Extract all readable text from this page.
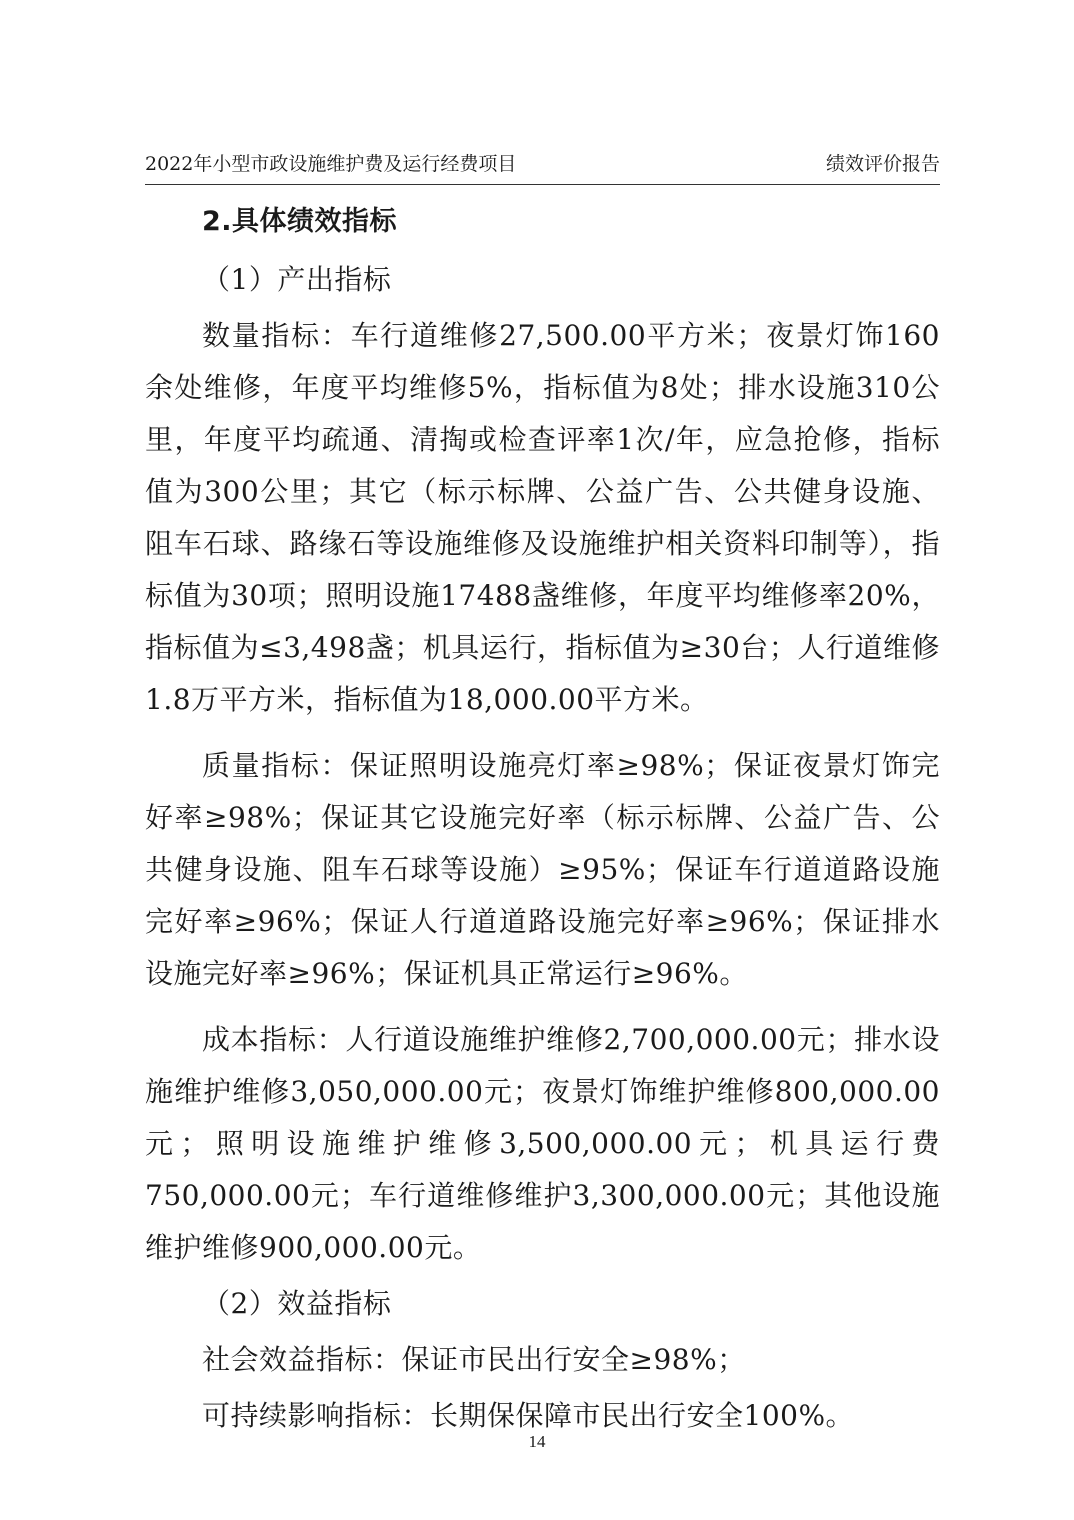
2022年小型市政设施维护费及运行经费项目	绩效评价报告

2.具体绩效指标

（1）产出指标

数量指标：车行道维修27,500.00平方米；夜景灯饰160余处维修，年度平均维修5%，指标值为8处；排水设施310公里，年度平均疏通、清掏或检查评率1次/年，应急抢修，指标值为300公里；其它（标示标牌、公益广告、公共健身设施、阻车石球、路缘石等设施维修及设施维护相关资料印制等），指标值为30项；照明设施17488盏维修，年度平均维修率20%，指标值为≤3,498盏；机具运行，指标值为≥30台；人行道维修1.8万平方米，指标值为18,000.00平方米。

质量指标：保证照明设施亮灯率≥98%；保证夜景灯饰完好率≥98%；保证其它设施完好率（标示标牌、公益广告、公共健身设施、阻车石球等设施）≥95%；保证车行道道路设施完好率≥96%；保证人行道道路设施完好率≥96%；保证排水设施完好率≥96%；保证机具正常运行≥96%。

成本指标：人行道设施维护维修2,700,000.00元；排水设施维护维修3,050,000.00元；夜景灯饰维护维修800,000.00元；照明设施维护维修3,500,000.00元；机具运行费750,000.00元；车行道维修维护3,300,000.00元；其他设施维护维修900,000.00元。

（2）效益指标

社会效益指标：保证市民出行安全≥98%；

可持续影响指标：长期保保障市民出行安全100%。

14
